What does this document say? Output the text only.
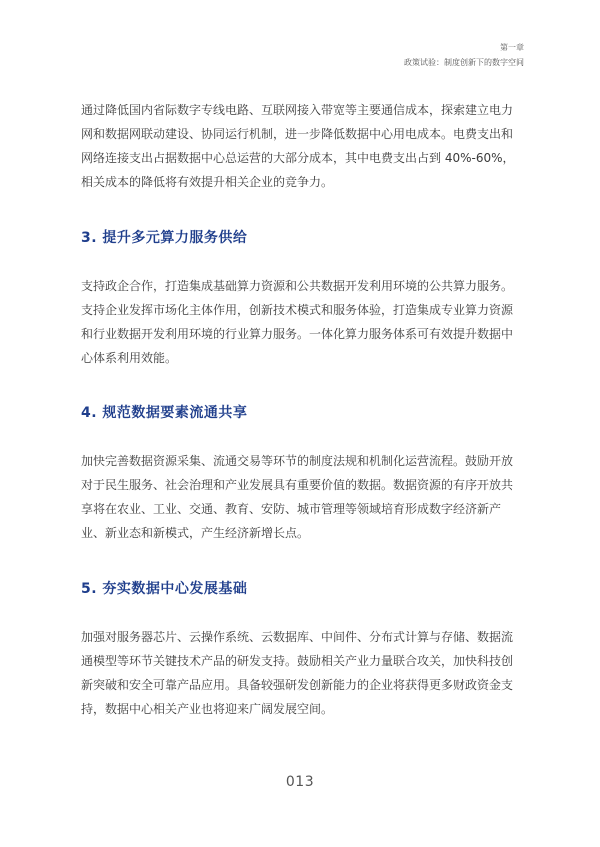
第一章
政策试验：制度创新下的数字空间

通过降低国内省际数字专线电路、互联网接入带宽等主要通信成本，探索建立电力网和数据网联动建设、协同运行机制，进一步降低数据中心用电成本。电费支出和网络连接支出占据数据中心总运营的大部分成本，其中电费支出占到 40%-60%，相关成本的降低将有效提升相关企业的竞争力。

3. 提升多元算力服务供给

支持政企合作，打造集成基础算力资源和公共数据开发利用环境的公共算力服务。支持企业发挥市场化主体作用，创新技术模式和服务体验，打造集成专业算力资源和行业数据开发利用环境的行业算力服务。一体化算力服务体系可有效提升数据中心体系利用效能。

4. 规范数据要素流通共享

加快完善数据资源采集、流通交易等环节的制度法规和机制化运营流程。鼓励开放对于民生服务、社会治理和产业发展具有重要价值的数据。数据资源的有序开放共享将在农业、工业、交通、教育、安防、城市管理等领域培育形成数字经济新产业、新业态和新模式，产生经济新增长点。

5. 夯实数据中心发展基础

加强对服务器芯片、云操作系统、云数据库、中间件、分布式计算与存储、数据流通模型等环节关键技术产品的研发支持。鼓励相关产业力量联合攻关，加快科技创新突破和安全可靠产品应用。具备较强研发创新能力的企业将获得更多财政资金支持，数据中心相关产业也将迎来广阔发展空间。

013
